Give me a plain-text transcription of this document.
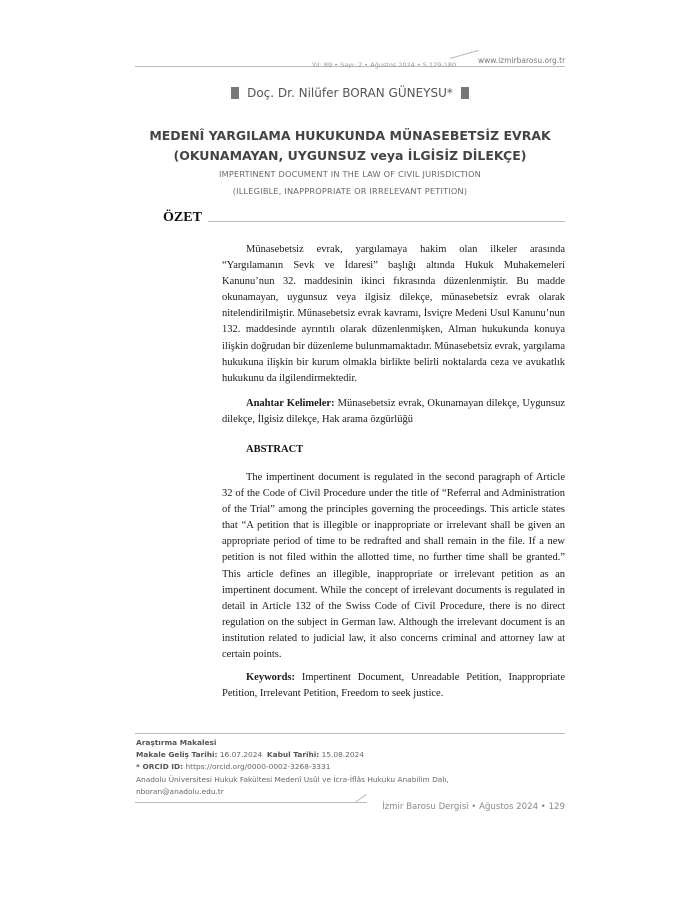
www.izmirbarosu.org.tr
Yıl: 89 • Sayı: 2 • Ağustos 2024 • S.129-180
Doç. Dr. Nilüfer BORAN GÜNEYSU*
MEDENÎ YARGILAMA HUKUKUNDA MÜNASEBETSİZ EVRAK
(OKUNAMAYAN, UYGUNSUZ veya İLGİSİZ DİLEKÇE)
IMPERTINENT DOCUMENT IN THE LAW OF CIVIL JURISDICTION
(ILLEGIBLE, INAPPROPRIATE OR IRRELEVANT PETITION)
ÖZET

Münasebetsiz evrak, yargılamaya hakim olan ilkeler arasında “Yargılamanın Sevk ve İdaresi” başlığı altında Hukuk Muhakemeleri Kanunu’nun 32. maddesinin ikinci fıkrasında düzenlenmiştir. Bu madde okunamayan, uygunsuz veya ilgisiz dilekçe, münasebetsiz evrak olarak nitelendirilmiştir. Münasebetsiz evrak kavramı, İsviçre Medeni Usul Kanunu’nun 132. maddesinde ayrıntılı olarak düzenlenmişken, Alman hukukunda konuya ilişkin doğrudan bir düzenleme bulunmamaktadır. Münasebetsiz evrak, yargılama hukukuna ilişkin bir kurum olmakla birlikte belirli noktalarda ceza ve avukatlık hukukunu da ilgilendirmektedir.

Anahtar Kelimeler: Münasebetsiz evrak, Okunamayan dilekçe, Uygunsuz dilekçe, İlgisiz dilekçe, Hak arama özgürlüğü

ABSTRACT

The impertinent document is regulated in the second paragraph of Article 32 of the Code of Civil Procedure under the title of “Referral and Administration of the Trial” among the principles governing the proceedings. This article states that “A petition that is illegible or inappropriate or irrelevant shall be given an appropriate period of time to be redrafted and shall remain in the file. If a new petition is not filed within the allotted time, no further time shall be granted.” This article defines an illegible, inappropriate or irrelevant petition as an impertinent document. While the concept of irrelevant documents is regulated in detail in Article 132 of the Swiss Code of Civil Procedure, there is no direct regulation on the subject in German law. Although the irrelevant document is an institution related to judicial law, it also concerns criminal and attorney law at certain points.

Keywords: Impertinent Document, Unreadable Petition, Inappropriate Petition, Irrelevant Petition, Freedom to seek justice.

Araştırma Makalesi
Makale Geliş Tarihi: 16.07.2024 Kabul Tarihi: 15.08.2024
* ORCID ID: https://orcid.org/0000-0002-3268-3331
Anadolu Üniversitesi Hukuk Fakültesi Medenî Usûl ve İcra-İflâs Hukuku Anabilim Dalı,
nboran@anadolu.edu.tr
İzmir Barosu Dergisi • Ağustos 2024 • 129
